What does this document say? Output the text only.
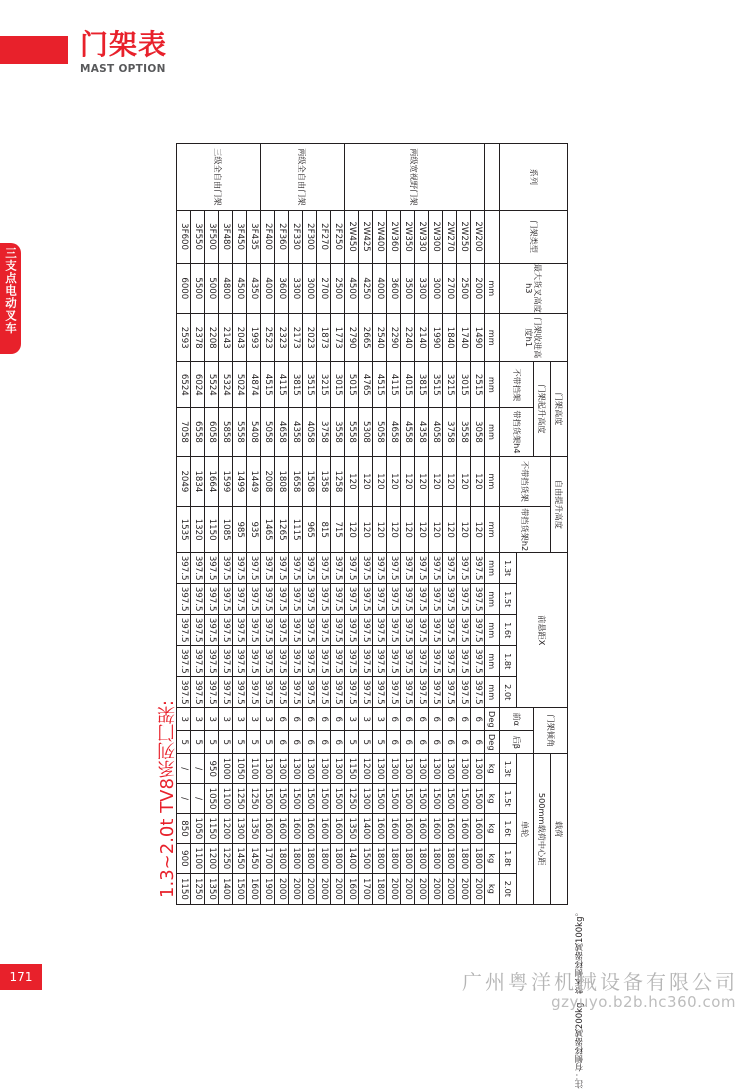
门架表
MAST OPTION
三支点电动叉车
1.3~2.0t TV8系列门架:
系列	门架类型	最大货叉高度h3	门架收进高度h1	门架高度		自由提升高度		前悬距X					门架倾角		载荷				
				门架起升高度		不带挡货架	带挡货架h2								500mm载荷中心距				
				不带挡架	带挡货架h4								前α	后β	单轮				
								1.3t	1.5t	1.6t	1.8t	2.0t			1.3t	1.5t	1.6t	1.8t	2.0t
		mm	mm	mm	mm	mm	mm	mm	mm	mm	mm	mm	Deg	Deg	kg	kg	kg	kg	kg
两级宽视野门架	2W200	2000	1490	2515	3058	120	120	397.5	397.5	397.5	397.5	397.5	6	6	1300	1500	1600	1800	2000
	2W250	2500	1740	3015	3558	120	120	397.5	397.5	397.5	397.5	397.5	6	6	1300	1500	1600	1800	2000
	2W270	2700	1840	3215	3758	120	120	397.5	397.5	397.5	397.5	397.5	6	6	1300	1500	1600	1800	2000
	2W300	3000	1990	3515	4058	120	120	397.5	397.5	397.5	397.5	397.5	6	6	1300	1500	1600	1800	2000
	2W330	3300	2140	3815	4358	120	120	397.5	397.5	397.5	397.5	397.5	6	6	1300	1500	1600	1800	2000
	2W350	3500	2240	4015	4558	120	120	397.5	397.5	397.5	397.5	397.5	6	6	1300	1500	1600	1800	2000
	2W360	3600	2290	4115	4658	120	120	397.5	397.5	397.5	397.5	397.5	6	6	1300	1500	1600	1800	2000
	2W400	4000	2540	4515	5058	120	120	397.5	397.5	397.5	397.5	397.5	3	5	1300	1500	1600	1800	1800
	2W425	4250	2665	4765	5308	120	120	397.5	397.5	397.5	397.5	397.5	3	5	1200	1300	1400	1500	1700
	2W450	4500	2790	5015	5558	120	120	397.5	397.5	397.5	397.5	397.5	3	5	1150	1250	1350	1400	1600
两级全自由门架	2F250	2500	1773	3015	3558	1258	715	397.5	397.5	397.5	397.5	397.5	6	6	1300	1500	1600	1800	2000
	2F270	2700	1873	3215	3758	1358	815	397.5	397.5	397.5	397.5	397.5	6	6	1300	1500	1600	1800	2000
	2F300	3000	2023	3515	4058	1508	965	397.5	397.5	397.5	397.5	397.5	6	6	1300	1500	1600	1800	2000
	2F330	3300	2173	3815	4358	1658	1115	397.5	397.5	397.5	397.5	397.5	6	6	1300	1500	1600	1800	2000
	2F360	3600	2323	4115	4658	1808	1265	397.5	397.5	397.5	397.5	397.5	6	6	1300	1500	1600	1800	2000
	2F400	4000	2523	4515	5058	2008	1465	397.5	397.5	397.5	397.5	397.5	3	5	1300	1500	1600	1700	1900
三级全自由门架	3F435	4350	1993	4874	5408	1449	935	397.5	397.5	397.5	397.5	397.5	3	5	1100	1250	1350	1450	1600
	3F450	4500	2043	5024	5558	1499	985	397.5	397.5	397.5	397.5	397.5	3	5	1050	1250	1300	1450	1500
	3F480	4800	2143	5324	5858	1599	1085	397.5	397.5	397.5	397.5	397.5	3	5	1000	1100	1200	1250	1400
	3F500	5000	2208	5524	6058	1664	1150	397.5	397.5	397.5	397.5	397.5	3	5	950	1050	1150	1200	1350
	3F550	5500	2378	6024	6558	1834	1320	397.5	397.5	397.5	397.5	397.5	3	5	/	/	1050	1100	1250
	3F600	6000	2593	6524	7058	2049	1535	397.5	397.5	397.5	397.5	397.5	3	5	/	/	850	900	1150
注：有侧移器减200kg，整体侧移器减100kg。
171	广州粤洋机械设备有限公司
gzyuyo.b2b.hc360.com
